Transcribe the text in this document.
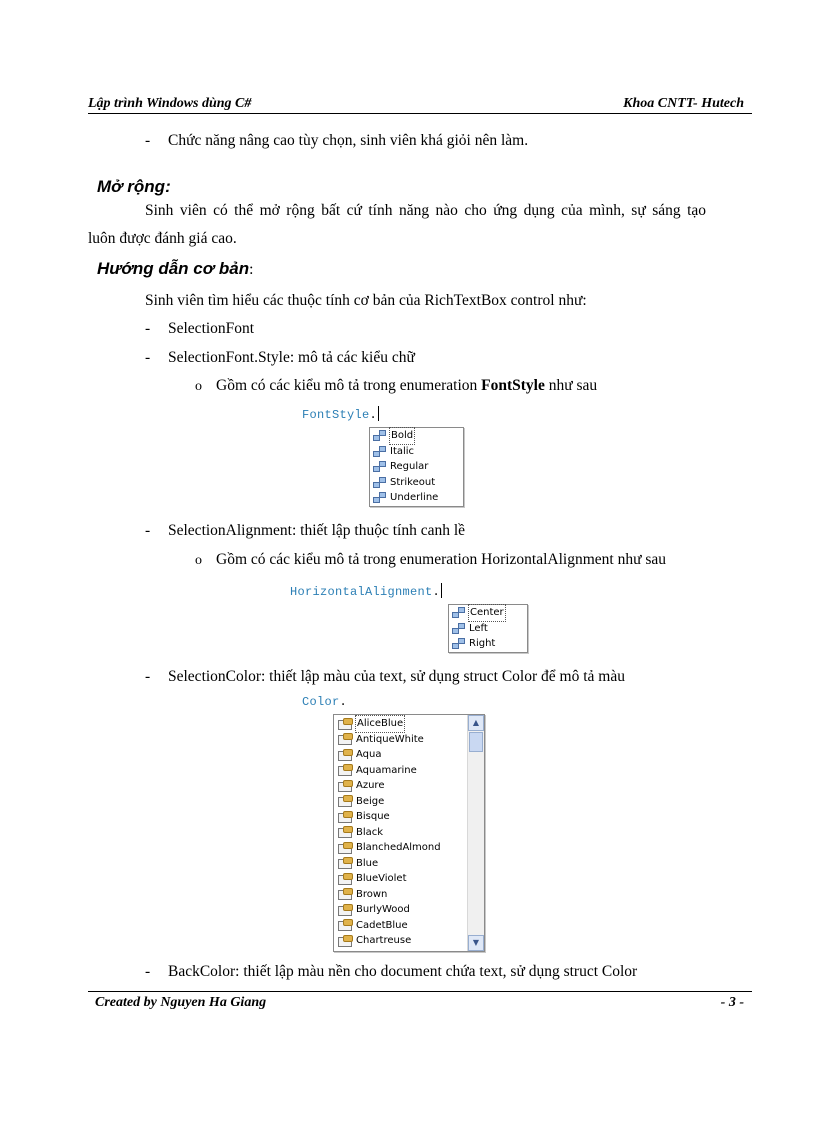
Lập trình Windows dùng C#	Khoa CNTT- Hutech
- Chức năng nâng cao tùy chọn, sinh viên khá giỏi nên làm.
Mở rộng:
Sinh viên có thể mở rộng bất cứ tính năng nào cho ứng dụng của mình, sự sáng tạo
luôn được đánh giá cao.
Hướng dẫn cơ bản:
Sinh viên tìm hiểu các thuộc tính cơ bản của RichTextBox control như:
- SelectionFont
- SelectionFont.Style: mô tả các kiểu chữ
o Gồm có các kiểu mô tả trong enumeration FontStyle như sau
FontStyle.
Bold
Italic
Regular
Strikeout
Underline
- SelectionAlignment: thiết lập thuộc tính canh lề
o Gồm có các kiểu mô tả trong enumeration HorizontalAlignment như sau
HorizontalAlignment.
Center
Left
Right
- SelectionColor: thiết lập màu của text, sử dụng struct Color để mô tả màu
Color.
AliceBlue
AntiqueWhite
Aqua
Aquamarine
Azure
Beige
Bisque
Black
BlanchedAlmond
Blue
BlueViolet
Brown
BurlyWood
CadetBlue
Chartreuse
▲
▼
- BackColor: thiết lập màu nền cho document chứa text, sử dụng struct Color
Created by Nguyen Ha Giang	- 3 -
